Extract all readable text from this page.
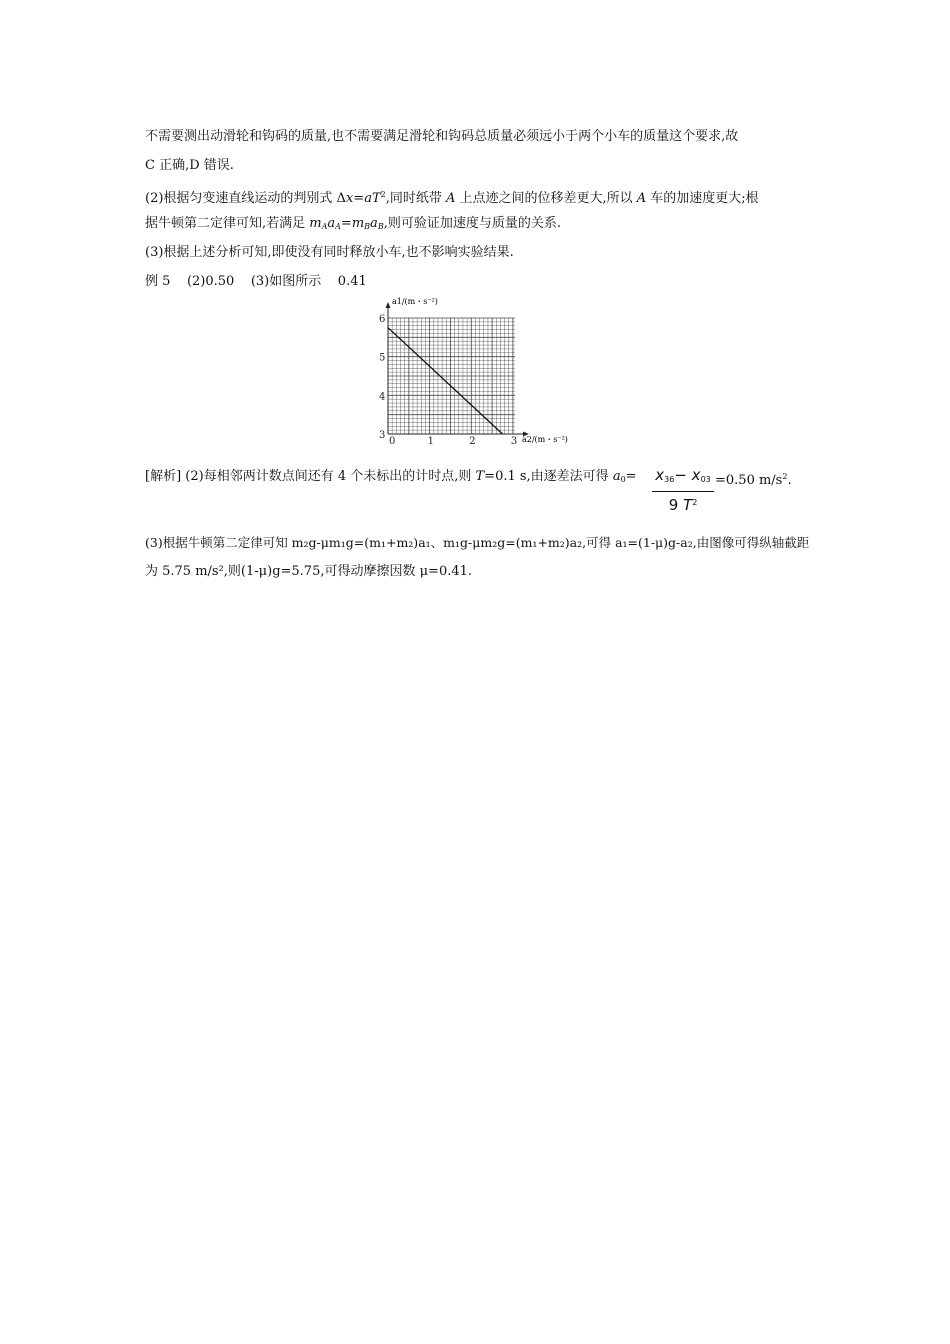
不需要测出动滑轮和钩码的质量,也不需要满足滑轮和钩码总质量必须远小于两个小车的质量这个要求,故
C 正确,D 错误.
(2)根据匀变速直线运动的判别式 $\Delta x=aT^2$,同时纸带 A 上点迹之间的位移差更大,所以 A 车的加速度更大;根
据牛顿第二定律可知,若满足 $m_Aa_A=m_Ba_B$,则可验证加速度与质量的关系.
(3)根据上述分析可知,即使没有同时释放小车,也不影响实验结果.
例 5 (2)0.50 (3)如图所示 0.41
0	1	2	3
3
4
5
6
a1/(m・s⁻²)
a2/(m・s⁻²)
[解析] (2)每相邻两计数点间还有 4 个未标出的计时点,则 T=0.1 s,由逐差法可得 $a_0= \frac{x_{36}- x_{03}}{9 T^2} =0.50$ $m/s^2$.
(3)根据牛顿第二定律可知 m₂g-μm₁g=(m₁+m₂)a₁、m₁g-μm₂g=(m₁+m₂)a₂,可得 a₁=(1-μ)g-a₂,由图像可得纵轴截距
为 5.75 m/s²,则(1-μ)g=5.75,可得动摩擦因数 μ=0.41.
